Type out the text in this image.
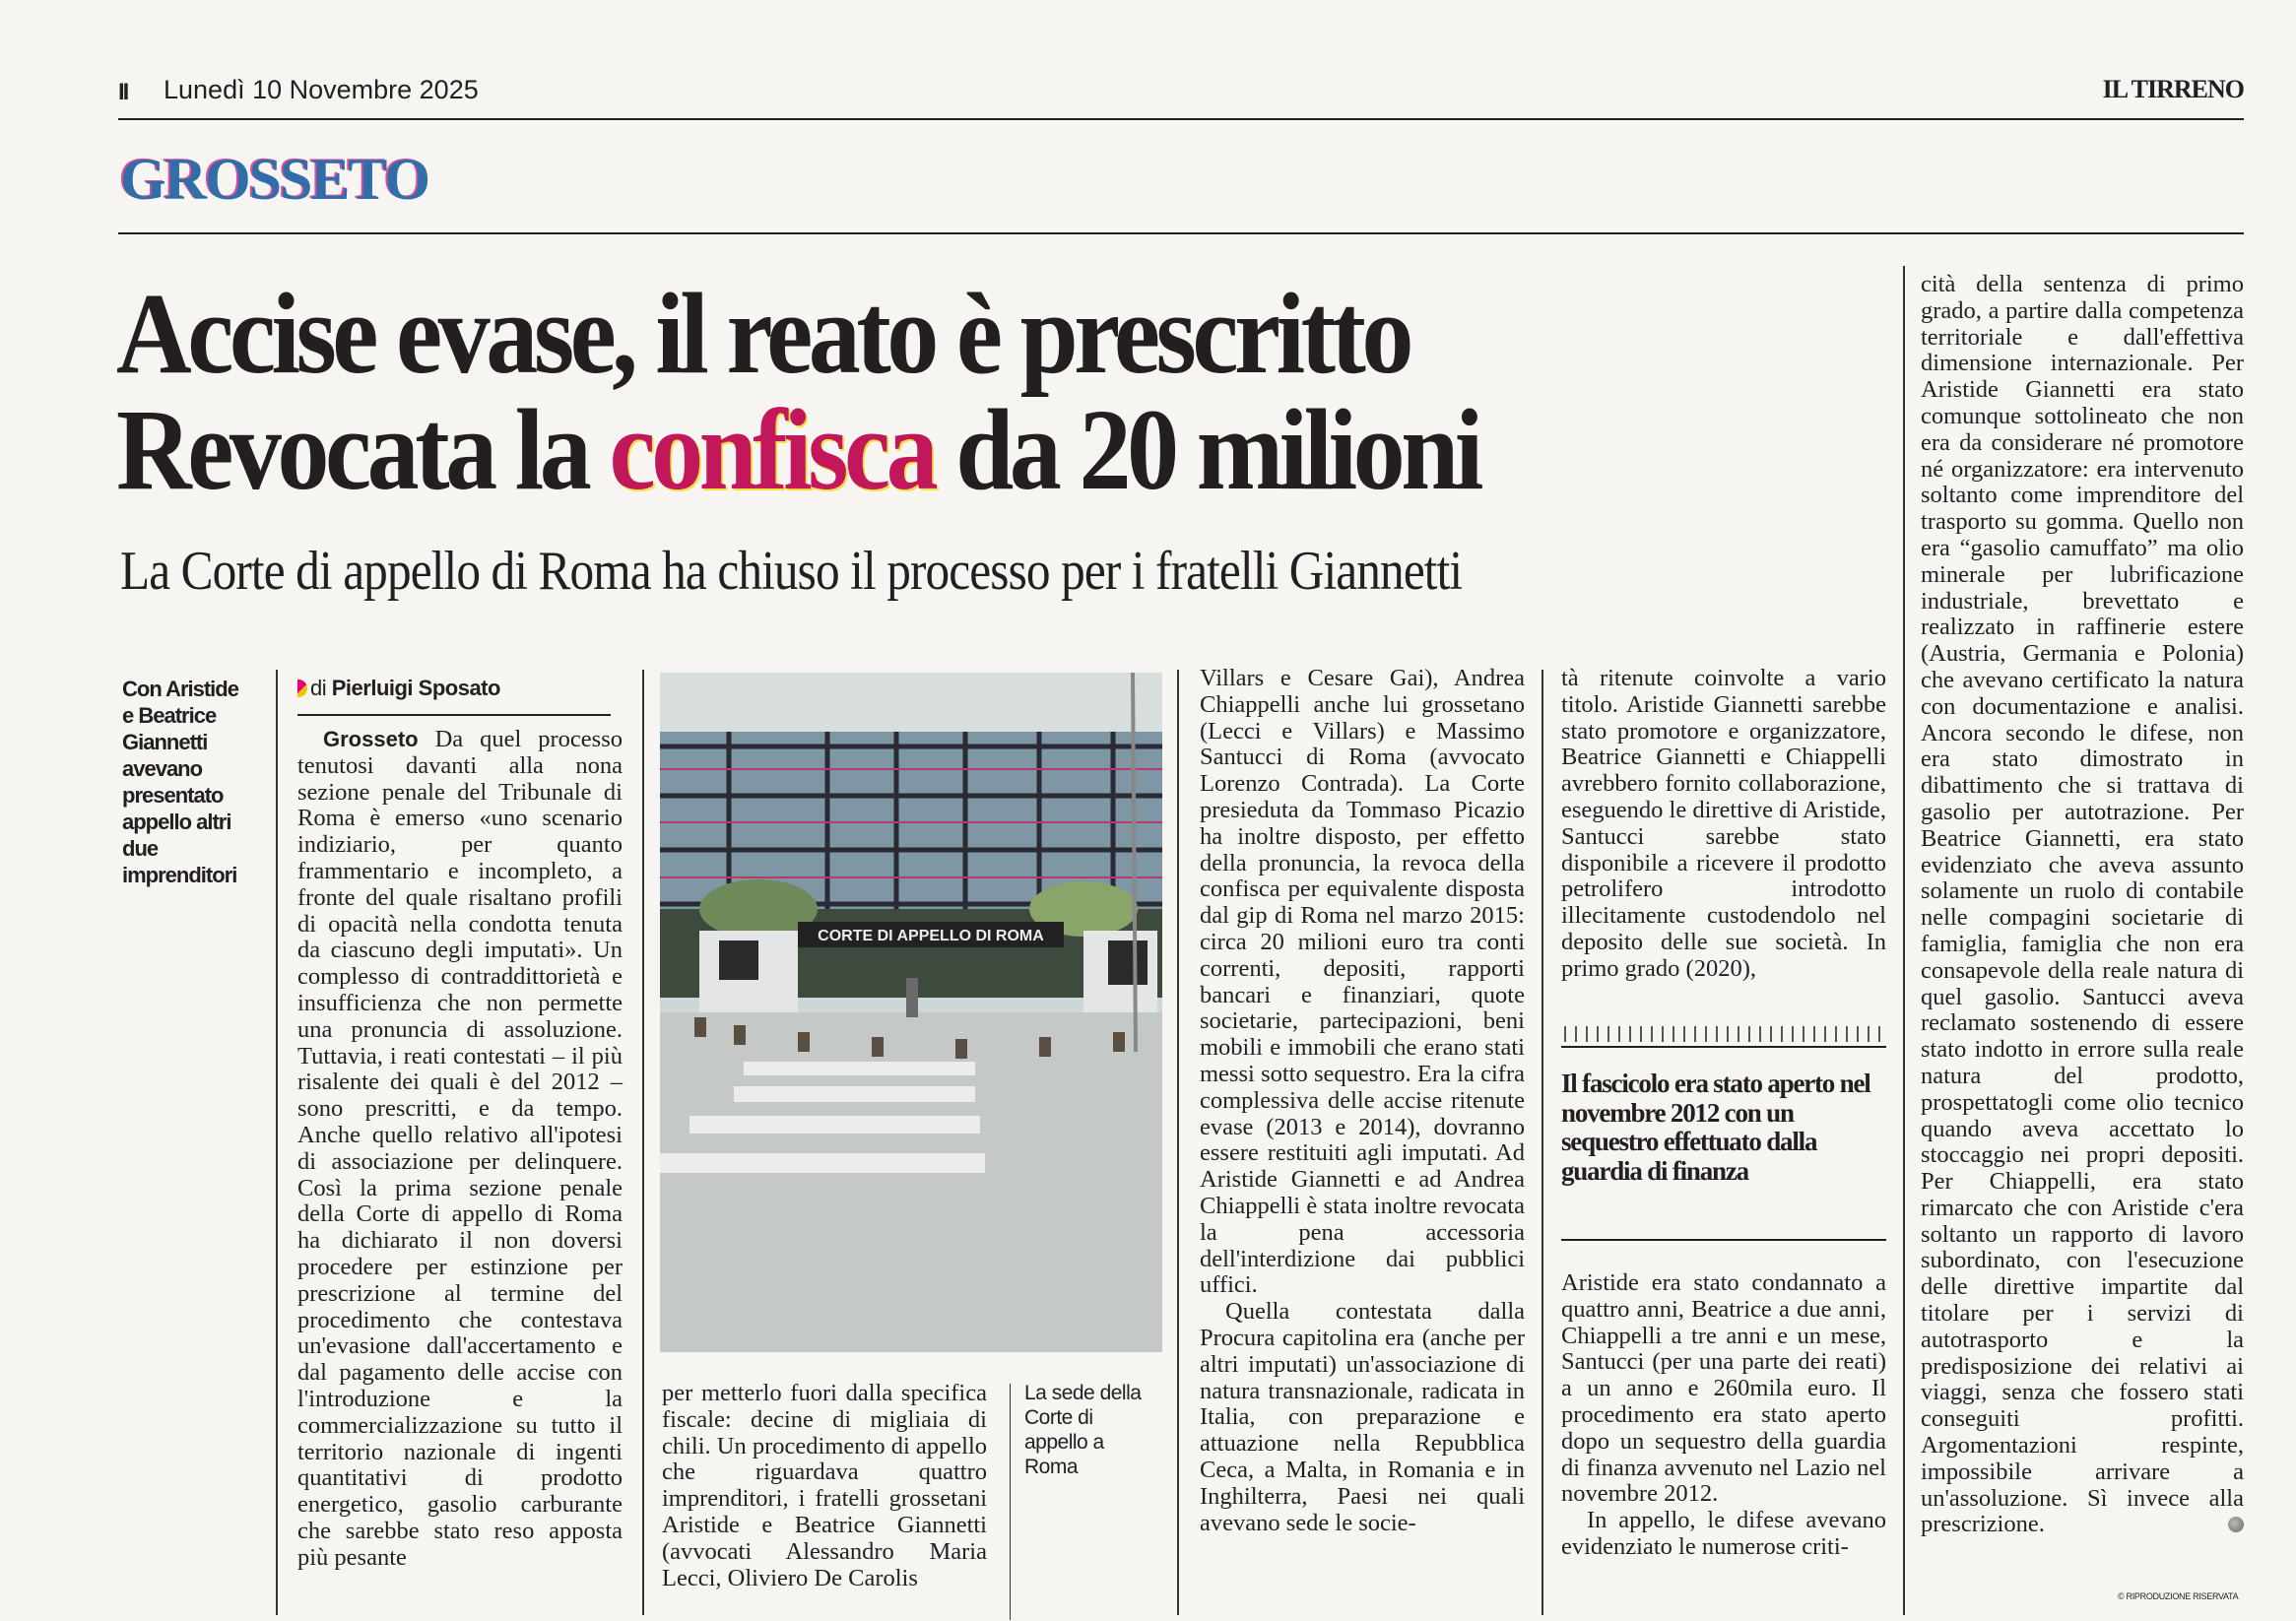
II Lunedì 10 Novembre 2025	IL TIRRENO
GROSSETO
Accise evase, il reato è prescritto
Revocata la confisca da 20 milioni
La Corte di appello di Roma ha chiuso il processo per i fratelli Giannetti
Con Aristide e Beatrice Giannetti avevano presentato appello altri due imprenditori
di Pierluigi Sposato

Grosseto Da quel processo tenutosi davanti alla nona sezione penale del Tribunale di Roma è emerso «uno scenario indiziario, per quanto frammentario e incompleto, a fronte del quale risaltano profili di opacità nella condotta tenuta da ciascuno degli imputati». Un complesso di contraddittorietà e insufficienza che non permette una pronuncia di assoluzione. Tuttavia, i reati contestati – il più risalente dei quali è del 2012 – sono prescritti, e da tempo. Anche quello relativo all'ipotesi di associazione per delinquere. Così la prima sezione penale della Corte di appello di Roma ha dichiarato il non doversi procedere per estinzione per prescrizione al termine del procedimento che contestava un'evasione dall'accertamento e dal pagamento delle accise con l'introduzione e la commercializzazione su tutto il territorio nazionale di ingenti quantitativi di prodotto energetico, gasolio carburante che sarebbe stato reso apposta più pesante

CORTE DI APPELLO DI ROMA

per metterlo fuori dalla specifica fiscale: decine di migliaia di chili. Un procedimento di appello che riguardava quattro imprenditori, i fratelli grossetani Aristide e Beatrice Giannetti (avvocati Alessandro Maria Lecci, Oliviero De Carolis

La sede della Corte di appello a Roma

Villars e Cesare Gai), Andrea Chiappelli anche lui grossetano (Lecci e Villars) e Massimo Santucci di Roma (avvocato Lorenzo Contrada). La Corte presieduta da Tommaso Picazio ha inoltre disposto, per effetto della pronuncia, la revoca della confisca per equivalente disposta dal gip di Roma nel marzo 2015: circa 20 milioni euro tra conti correnti, depositi, rapporti bancari e finanziari, quote societarie, partecipazioni, beni mobili e immobili che erano stati messi sotto sequestro. Era la cifra complessiva delle accise ritenute evase (2013 e 2014), dovranno essere restituiti agli imputati. Ad Aristide Giannetti e ad Andrea Chiappelli è stata inoltre revocata la pena accessoria dell'interdizione dai pubblici uffici.

Quella contestata dalla Procura capitolina era (anche per altri imputati) un'associazione di natura transnazionale, radicata in Italia, con preparazione e attuazione nella Repubblica Ceca, a Malta, in Romania e in Inghilterra, Paesi nei quali avevano sede le socie-

tà ritenute coinvolte a vario titolo. Aristide Giannetti sarebbe stato promotore e organizzatore, Beatrice Giannetti e Chiappelli avrebbero fornito collaborazione, eseguendo le direttive di Aristide, Santucci sarebbe stato disponibile a ricevere il prodotto petrolifero introdotto illecitamente custodendolo nel deposito delle sue società. In primo grado (2020),

Il fascicolo era stato aperto nel novembre 2012 con un sequestro effettuato dalla guardia di finanza

Aristide era stato condannato a quattro anni, Beatrice a due anni, Chiappelli a tre anni e un mese, Santucci (per una parte dei reati) a un anno e 260mila euro. Il procedimento era stato aperto dopo un sequestro della guardia di finanza avvenuto nel Lazio nel novembre 2012.

In appello, le difese avevano evidenziato le numerose criti-

cità della sentenza di primo grado, a partire dalla competenza territoriale e dall'effettiva dimensione internazionale. Per Aristide Giannetti era stato comunque sottolineato che non era da considerare né promotore né organizzatore: era intervenuto soltanto come imprenditore del trasporto su gomma. Quello non era “gasolio camuffato” ma olio minerale per lubrificazione industriale, brevettato e realizzato in raffinerie estere (Austria, Germania e Polonia) che avevano certificato la natura con documentazione e analisi. Ancora secondo le difese, non era stato dimostrato in dibattimento che si trattava di gasolio per autotrazione. Per Beatrice Giannetti, era stato evidenziato che aveva assunto solamente un ruolo di contabile nelle compagini societarie di famiglia, famiglia che non era consapevole della reale natura di quel gasolio. Santucci aveva reclamato sostenendo di essere stato indotto in errore sulla reale natura del prodotto, prospettatogli come olio tecnico quando aveva accettato lo stoccaggio nei propri depositi. Per Chiappelli, era stato rimarcato che con Aristide c'era soltanto un rapporto di lavoro subordinato, con l'esecuzione delle direttive impartite dal titolare per i servizi di autotrasporto e la predisposizione dei relativi ai viaggi, senza che fossero stati conseguiti profitti. Argomentazioni respinte, impossibile arrivare a un'assoluzione. Sì invece alla prescrizione.

© RIPRODUZIONE RISERVATA
